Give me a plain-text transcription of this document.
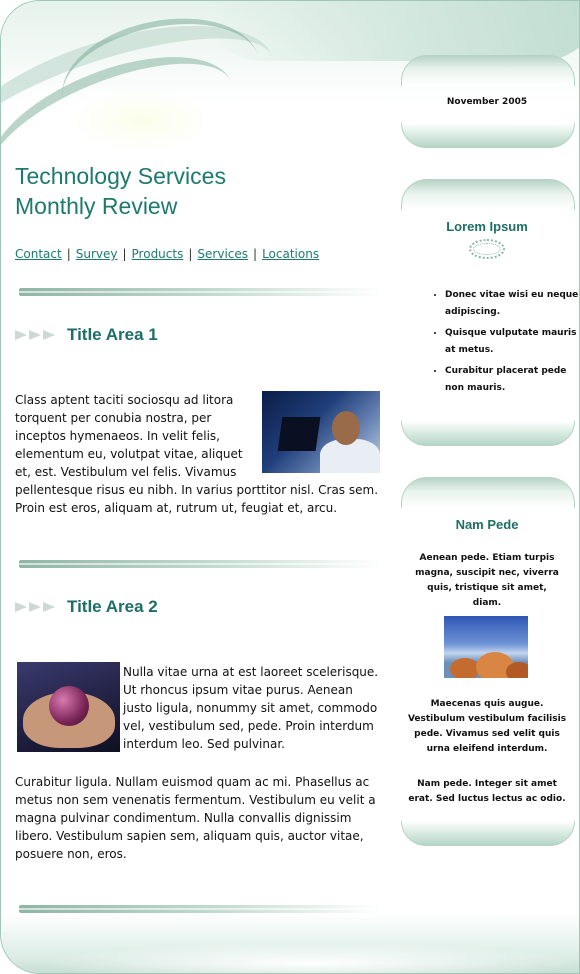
Technology Services
Monthly Review
Contact | Survey | Products | Services | Locations
Title Area 1

Class aptent taciti sociosqu ad litora torquent per conubia nostra, per inceptos hymenaeos. In velit felis, elementum eu, volutpat vitae, aliquet et, est. Vestibulum vel felis. Vivamus pellentesque risus eu nibh. In varius porttitor nisl. Cras sem. Proin est eros, aliquam at, rutrum ut, feugiat et, arcu.

Title Area 2

Nulla vitae urna at est laoreet scelerisque. Ut rhoncus ipsum vitae purus. Aenean justo ligula, nonummy sit amet, commodo vel, vestibulum sed, pede. Proin interdum interdum leo. Sed pulvinar.

Curabitur ligula. Nullam euismod quam ac mi. Phasellus ac metus non sem venenatis fermentum. Vestibulum eu velit a magna pulvinar condimentum. Nulla convallis dignissim libero. Vestibulum sapien sem, aliquam quis, auctor vitae, posuere non, eros.

November 2005

Lorem Ipsum
• Donec vitae wisi eu neque adipiscing.
• Quisque vulputate mauris at metus.
• Curabitur placerat pede non mauris.
Nam Pede

Aenean pede. Etiam turpis magna, suscipit nec, viverra quis, tristique sit amet, diam.

Maecenas quis augue. Vestibulum vestibulum facilisis pede. Vivamus sed velit quis urna eleifend interdum.

Nam pede. Integer sit amet erat. Sed luctus lectus ac odio.
